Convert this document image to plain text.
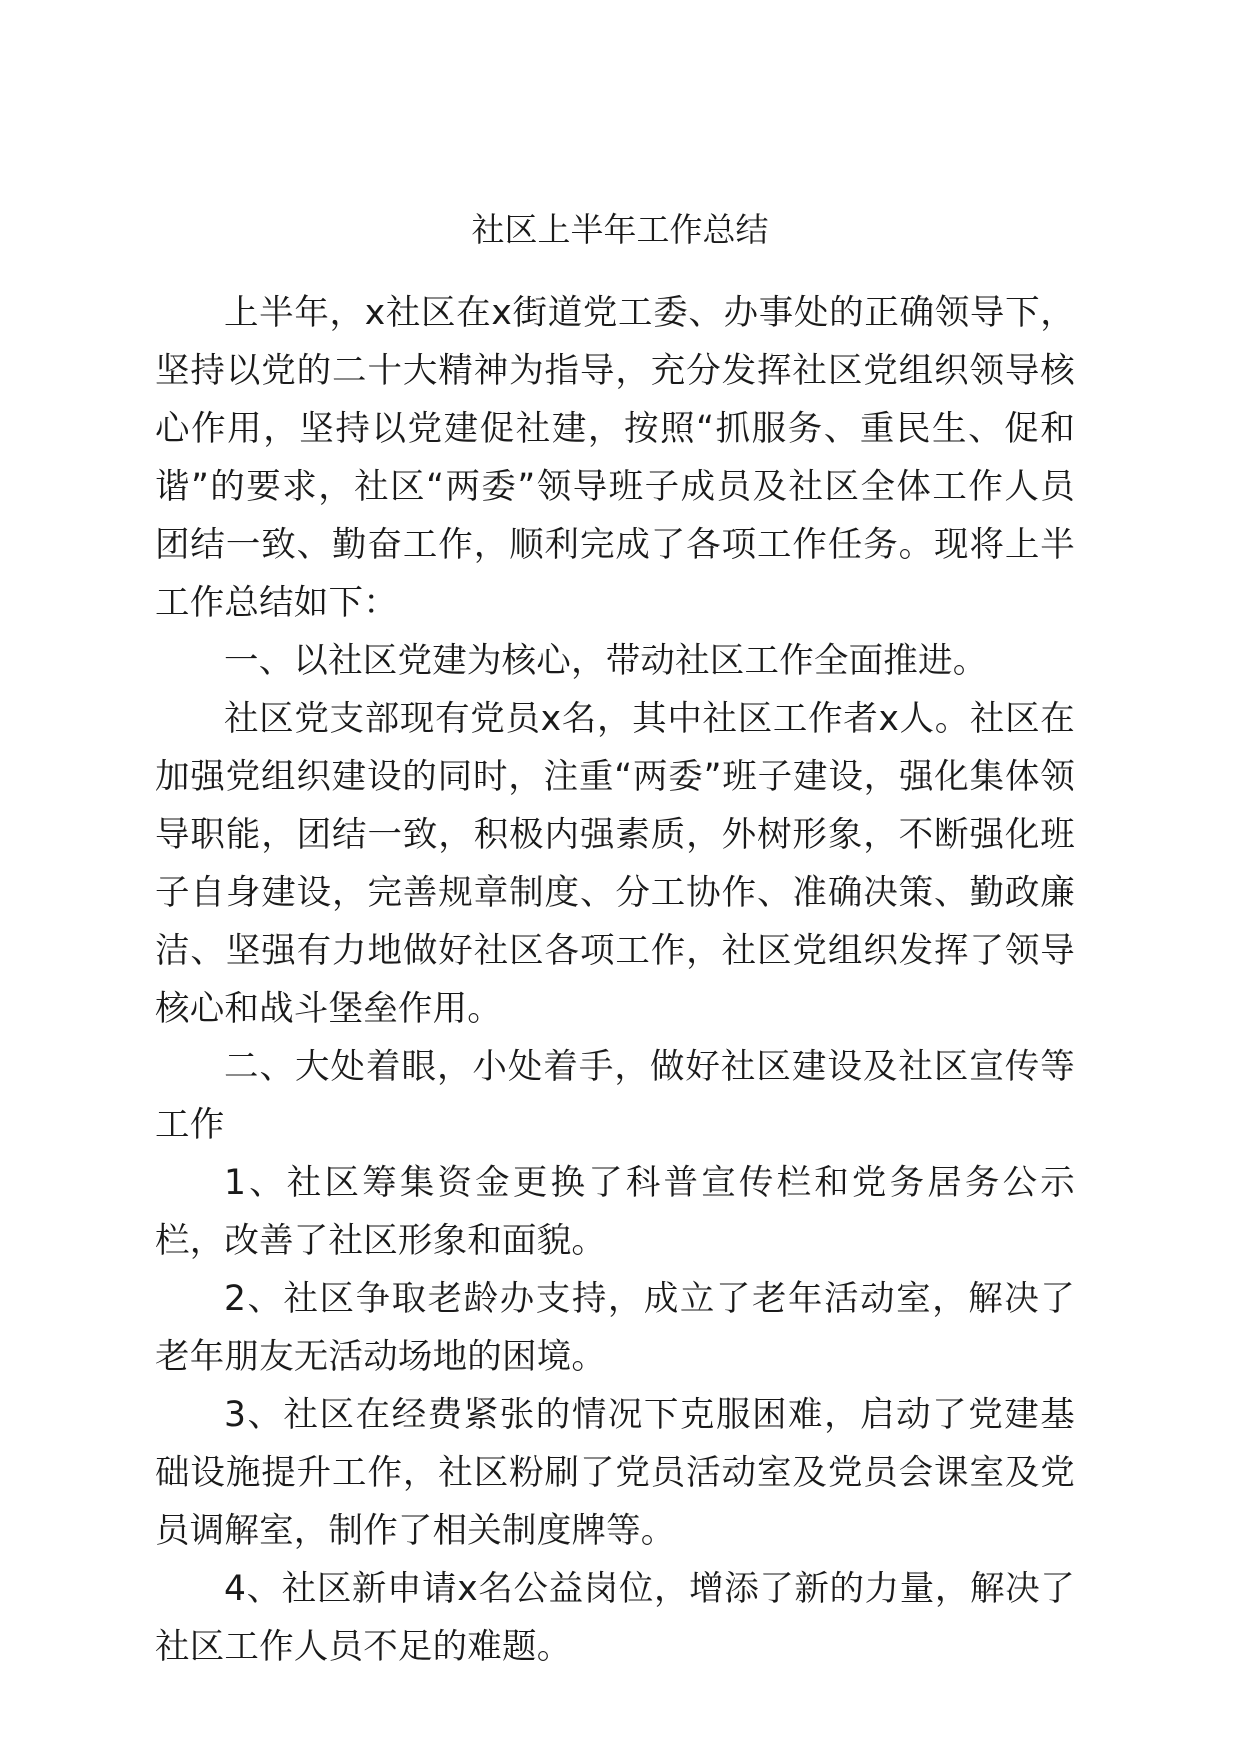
社区上半年工作总结

上半年，x社区在x街道党工委、办事处的正确领导下，坚持以党的二十大精神为指导，充分发挥社区党组织领导核心作用，坚持以党建促社建，按照“抓服务、重民生、促和谐”的要求，社区“两委”领导班子成员及社区全体工作人员团结一致、勤奋工作，顺利完成了各项工作任务。现将上半工作总结如下：

一、以社区党建为核心，带动社区工作全面推进。

社区党支部现有党员x名，其中社区工作者x人。社区在加强党组织建设的同时，注重“两委”班子建设，强化集体领导职能，团结一致，积极内强素质，外树形象，不断强化班子自身建设，完善规章制度、分工协作、准确决策、勤政廉洁、坚强有力地做好社区各项工作，社区党组织发挥了领导核心和战斗堡垒作用。

二、大处着眼，小处着手，做好社区建设及社区宣传等工作

1、社区筹集资金更换了科普宣传栏和党务居务公示栏，改善了社区形象和面貌。

2、社区争取老龄办支持，成立了老年活动室，解决了老年朋友无活动场地的困境。

3、社区在经费紧张的情况下克服困难，启动了党建基础设施提升工作，社区粉刷了党员活动室及党员会课室及党员调解室，制作了相关制度牌等。

4、社区新申请x名公益岗位，增添了新的力量，解决了社区工作人员不足的难题。
